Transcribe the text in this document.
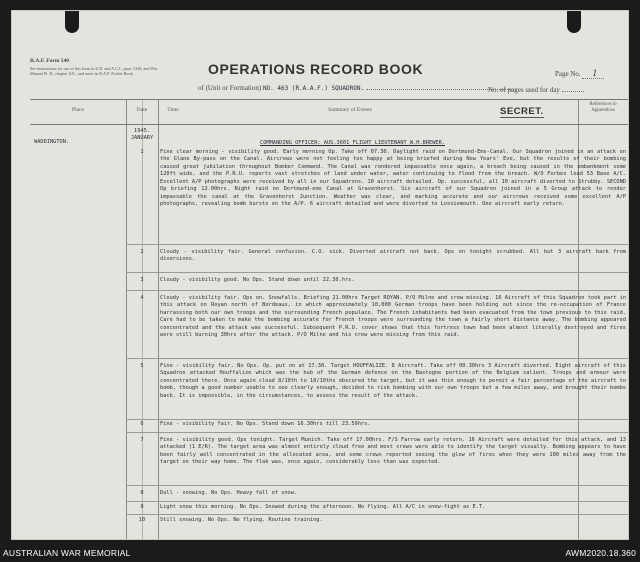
R.A.F. Form 540
See instructions for use of this form in K.R. and A.C.I., para. 1349, and War Manual Pt. II., chapter XX., and notes in R.A.F. Pocket Book.	OPERATIONS RECORD BOOK	Page No. 1
of (Unit or Formation) NO. 463 (R.A.A.F.) SQUADRON.	No. of pages used for day
Place	Date	Time	Summary of Events	SECRET.
References to Appendices
WADDINGTON.
1945.
JANUARY
COMMANDING OFFICER: AUS.3601 FLIGHT LIEUTENANT W.H.BREWER.
1	Fine clear morning - visibility good. Early morning Op. Take off 07.30. Daylight raid on Dortmund-Ems-Canal. Our Squadron joined in an attack on the Glane By-pass on the Canal. Aircrews were not feeling too happy at being briefed during New Years' Eve, but the results of their bombing caused great jubilation throughout Bomber Command. The Canal was rendered impassable once again, a breach being caused in the embankment some 120ft wide, and the P.R.U. reports vast stretches of land under water, water continuing to flood from the breach. W/O Forbes lead 53 Base A/C. Excellent A/P photographs were received by all in our Squadrons. 10 aircraft detailed. Op. successful, all 10 aircraft diverted to Strubby. SECOND Op briefing 13.00hrs. Night raid on Dortmund-ems Canal at Gravenhorst. Six aircraft of our Squadron joined in a 5 Group attack to render impassable the canal at the Gravenhorst Junction. Weather was clear, and marking accurate and our aircrews received some excellent A/P photographs, revealing bomb bursts on the A/P. 6 aircraft detailed and were diverted to Lossiemouth. One aircraft early return.
2	Cloudy - visibility fair. General confusion. C.O. sick. Diverted aircraft not back. Ops on tonight scrubbed. All but 3 aircraft back from diversions.
3	Cloudy - visibility good. No Ops. Stand down until 22.30.hrs.
4	Cloudy - visibility fair. Ops on. Snowfalls. Briefing 21.00hrs Target ROYAN. P/O Milne and crew missing. 16 Aircraft of this Squadron took part in this attack on Royan north of Bordeaux, in which approximately 10,000 German troops have been holding out since the re-occupation of France harrassing both our own troops and the surrounding French populace. The French inhabitants had been evacuated from the town previous to this raid. Care had to be taken to make the bombing accurate for French troops were surrounding the town a fairly short distance away. The bombing appeared concentrated and the attack was successful. Subsequent P.R.U. cover shows that this fortress town had been almost literally destroyed and fires were still burning 30hrs after the attack. P/O Milne and his crew were missing from this raid.
5	Fine - visibility fair. No Ops. Op. put on at 17.30. Target HOUFFALIZE. 8 Aircraft. Take off 00.30hrs 3 Aircraft diverted. Eight aircraft of this Squadron attacked Houffalize which was the hub of the German defence on the Bastogne portion of the Belgium salient. Troops and armour were concentrated there. Once again cloud 8/10th to 10/10ths obscured the target, but it was thin enough to permit a fair percentage of the aircraft to bomb, though a good number unable to see clearly enough, decided to risk bombing with our own troops but a few miles away, and brought their bombs back. It is impossible, in the circumstances, to assess the result of the attack.
6	Fine - visibility fair. No Ops. Stand down 16.30hrs till 23.59hrs.
7	Fine - visibility good. Ops tonight. Target Munich. Take off 17.00hrs. F/S Farrow early return. 16 Aircraft were detailed for this attack, and 13 attacked (1 E/R). The target area was almost entirely cloud free and most crews were able to identify the target visually. Bombing appears to have been fairly well concentrated in the allocated area, and some crews reported seeing the glow of fires when they were 100 miles away from the target on their way home. The flak was, once again, considerably less than was expected.
8	Dull - snowing. No Ops. Heavy fall of snow.
9	Light snow this morning. No Ops. Snowed during the afternoon. No flying. All A/C in snow-fight as E.T.
10	Still snowing. No Ops. No flying. Routine training.
AUSTRALIAN WAR MEMORIAL	AWM2020.18.360
